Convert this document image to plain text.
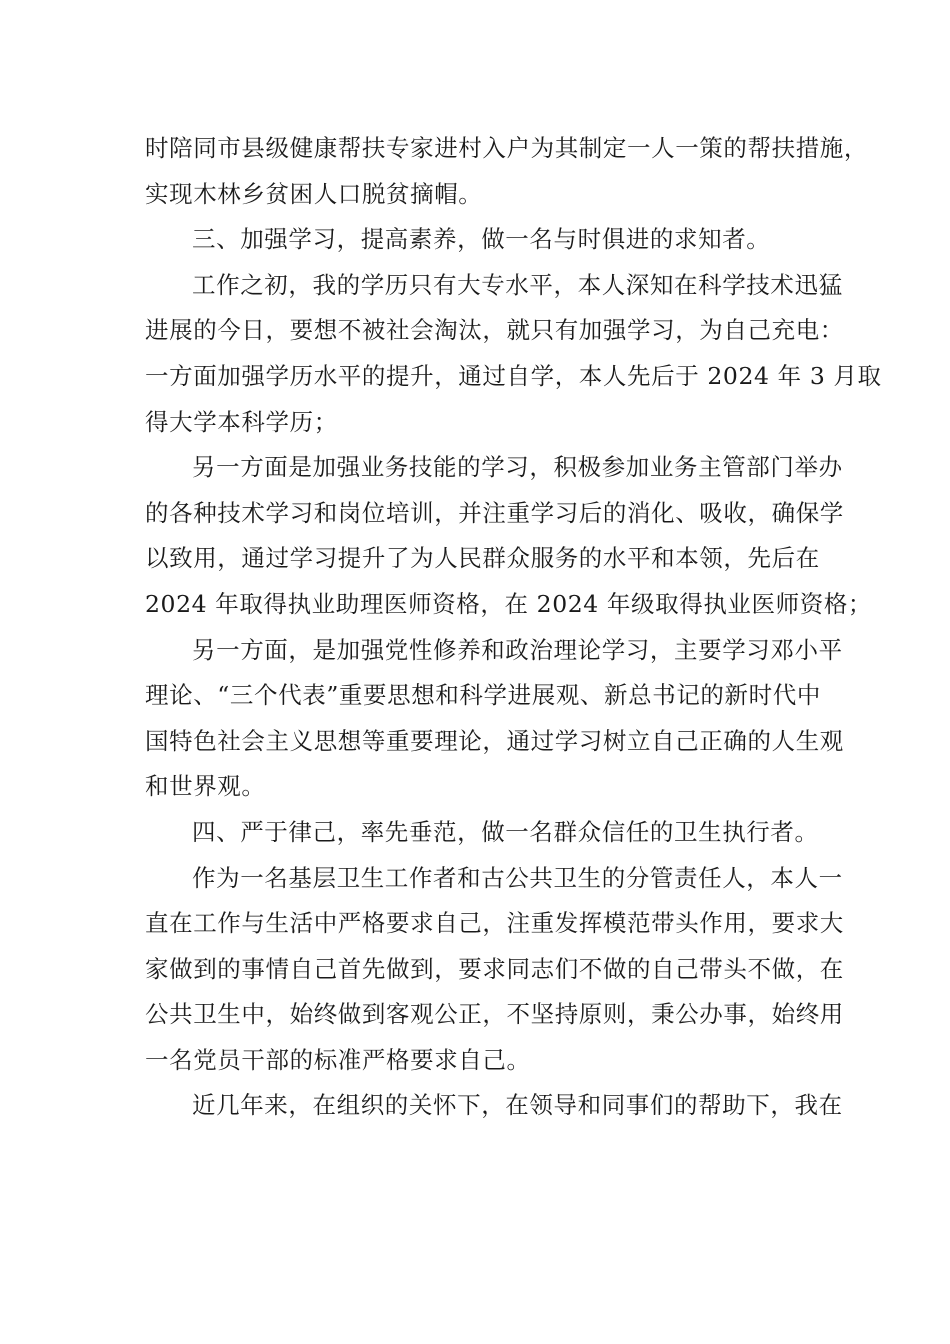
时陪同市县级健康帮扶专家进村入户为其制定一人一策的帮扶措施，
实现木林乡贫困人口脱贫摘帽。
三、加强学习，提高素养，做一名与时俱进的求知者。
工作之初，我的学历只有大专水平，本人深知在科学技术迅猛
进展的今日，要想不被社会淘汰，就只有加强学习，为自己充电：
一方面加强学历水平的提升，通过自学，本人先后于 2024 年 3 月取
得大学本科学历；
另一方面是加强业务技能的学习，积极参加业务主管部门举办
的各种技术学习和岗位培训，并注重学习后的消化、吸收，确保学
以致用，通过学习提升了为人民群众服务的水平和本领，先后在
2024 年取得执业助理医师资格，在 2024 年级取得执业医师资格；
另一方面，是加强党性修养和政治理论学习，主要学习邓小平
理论、“三个代表”重要思想和科学进展观、新总书记的新时代中
国特色社会主义思想等重要理论，通过学习树立自己正确的人生观
和世界观。
四、严于律己，率先垂范，做一名群众信任的卫生执行者。
作为一名基层卫生工作者和古公共卫生的分管责任人，本人一
直在工作与生活中严格要求自己，注重发挥模范带头作用，要求大
家做到的事情自己首先做到，要求同志们不做的自己带头不做，在
公共卫生中，始终做到客观公正，不坚持原则，秉公办事，始终用
一名党员干部的标准严格要求自己。
近几年来，在组织的关怀下，在领导和同事们的帮助下，我在
